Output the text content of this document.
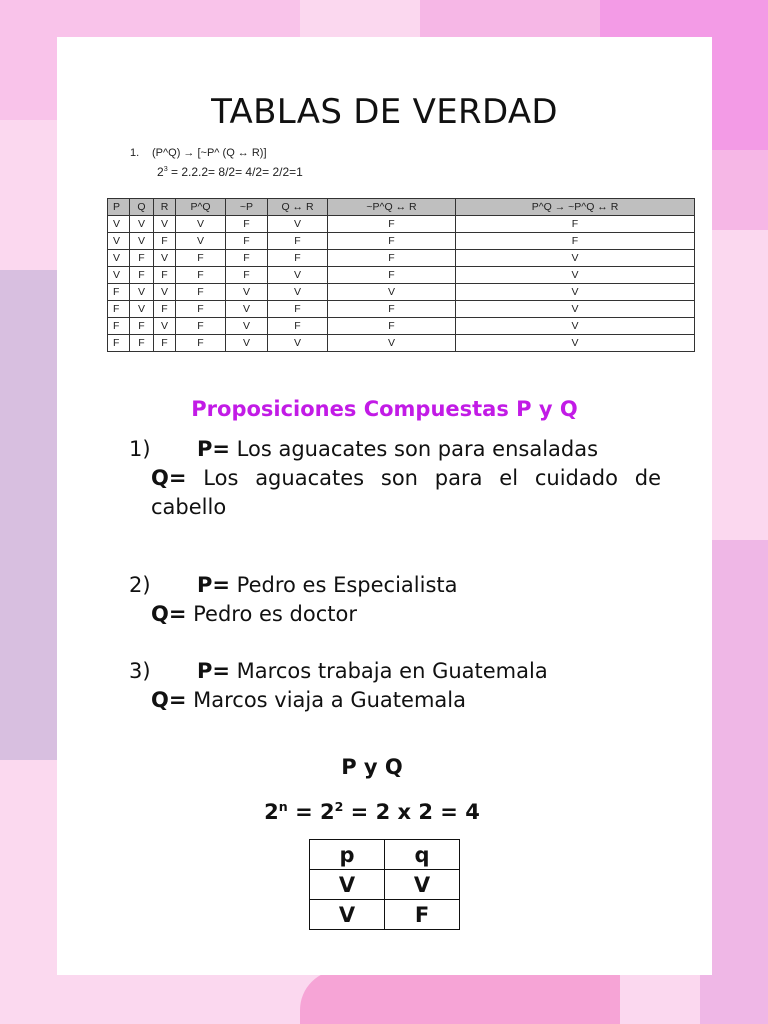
TABLAS DE VERDAD
1. (P^Q) → [~P^ (Q ↔ R)]
$2^3 = 2.2.2= 8/2= 4/2= 2/2=1$
P	Q	R	P^Q	~P	Q ↔ R	~P^Q ↔ R	P^Q → ~P^Q ↔ R
V	V	V	V	F	V	F	F
V	V	F	V	F	F	F	F
V	F	V	F	F	F	F	V
V	F	F	F	F	V	F	V
F	V	V	F	V	V	V	V
F	V	F	F	V	F	F	V
F	F	V	F	V	F	F	V
F	F	F	F	V	V	V	V
Proposiciones Compuestas P y Q
1) P= Los aguacates son para ensaladas
Q= Los aguacates son para el cuidado de
cabello
2) P= Pedro es Especialista
Q= Pedro es doctor
3) P= Marcos trabaja en Guatemala
Q= Marcos viaja a Guatemala
P y Q
$2^n = 2^2 = 2$ x 2 = 4
p	q
V	V
V	F
